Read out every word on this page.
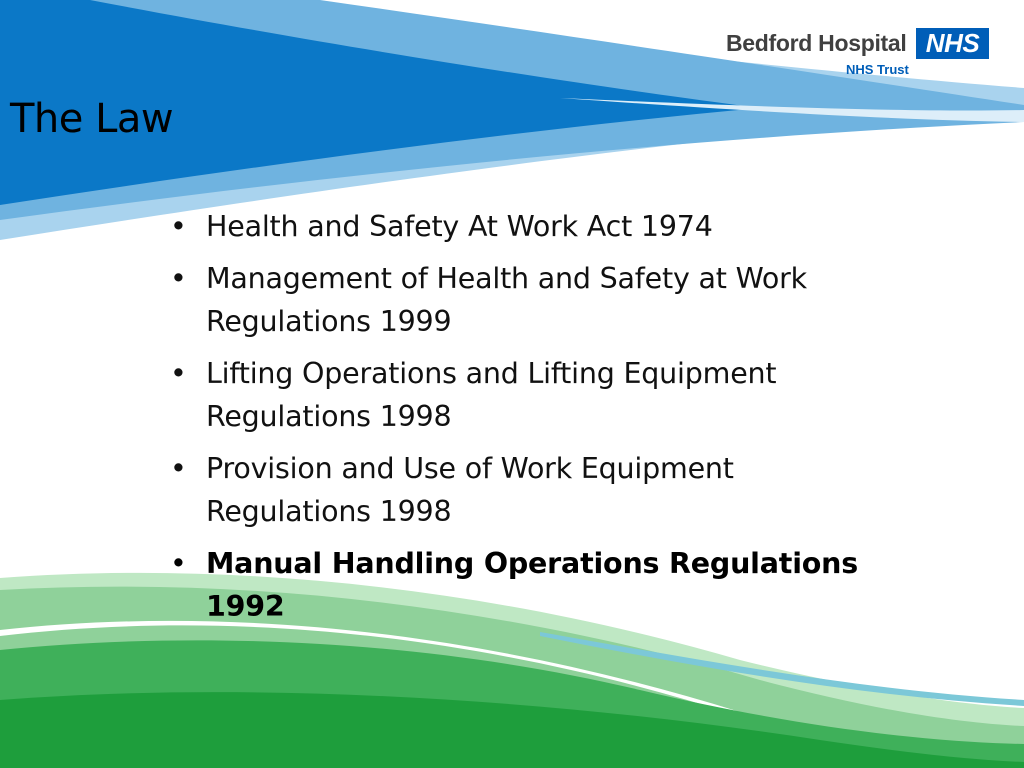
Bedford Hospital NHS
NHS Trust
The Law
• Health and Safety At Work Act 1974
• Management of Health and Safety at Work Regulations 1999
• Lifting Operations and Lifting Equipment Regulations 1998
• Provision and Use of Work Equipment Regulations 1998
• Manual Handling Operations Regulations 1992
